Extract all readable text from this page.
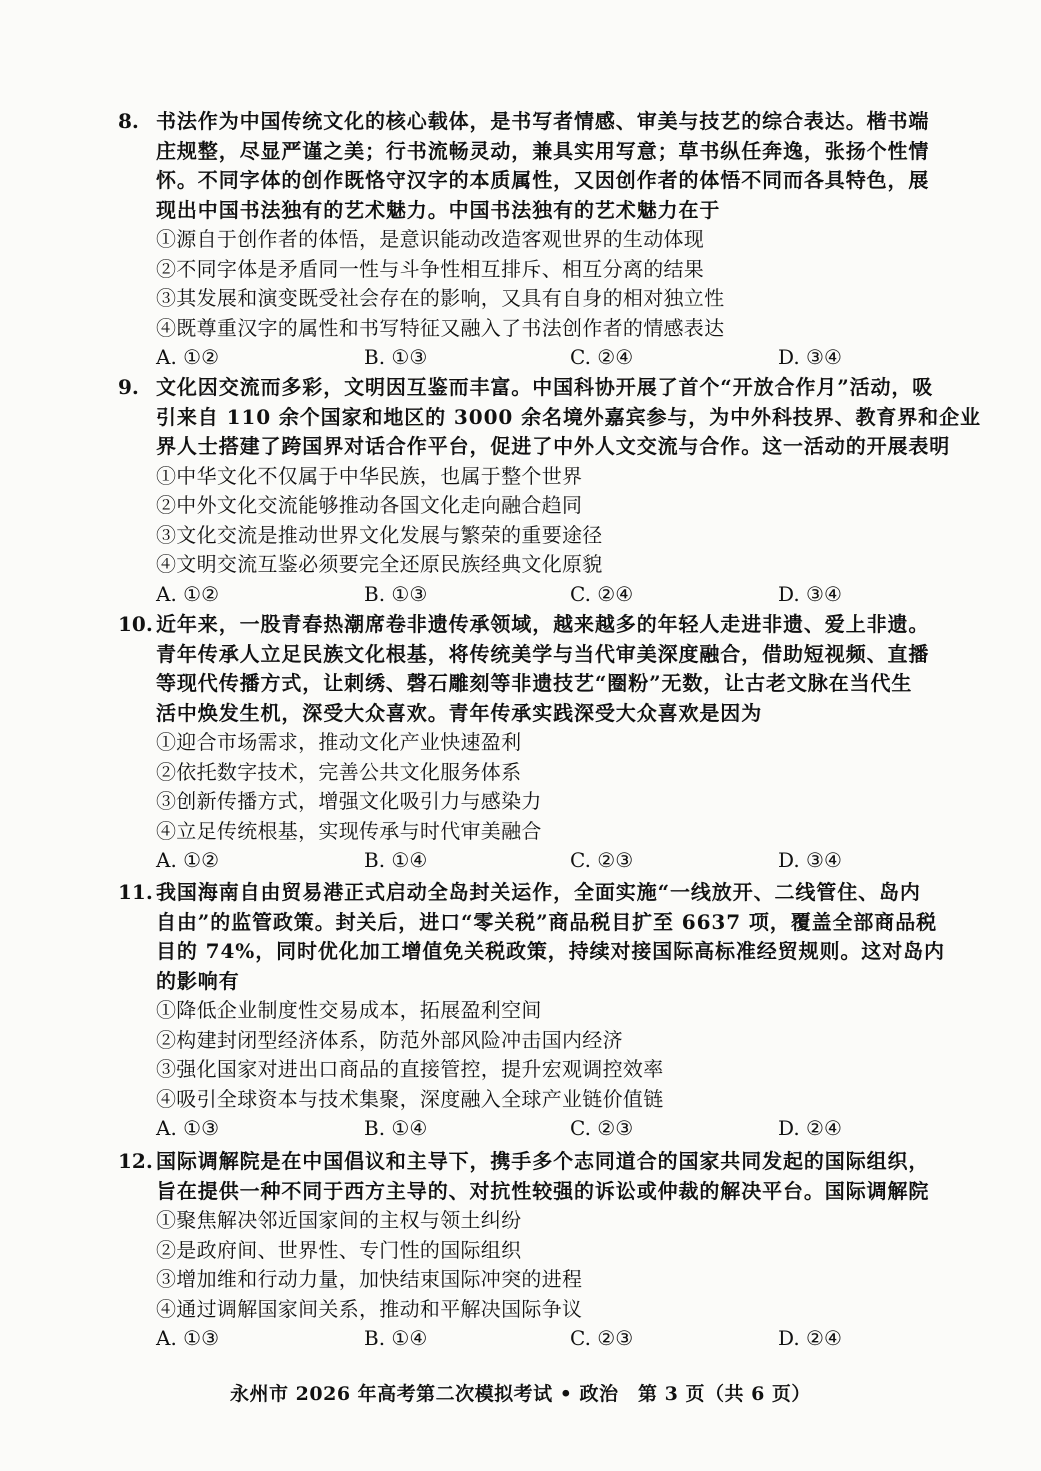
8. 书法作为中国传统文化的核心载体，是书写者情感、审美与技艺的综合表达。楷书端
庄规整，尽显严谨之美；行书流畅灵动，兼具实用写意；草书纵任奔逸，张扬个性情
怀。不同字体的创作既恪守汉字的本质属性，又因创作者的体悟不同而各具特色，展
现出中国书法独有的艺术魅力。中国书法独有的艺术魅力在于
①源自于创作者的体悟，是意识能动改造客观世界的生动体现
②不同字体是矛盾同一性与斗争性相互排斥、相互分离的结果
③其发展和演变既受社会存在的影响，又具有自身的相对独立性
④既尊重汉字的属性和书写特征又融入了书法创作者的情感表达
A. ①②	B. ①③	C. ②④	D. ③④
9. 文化因交流而多彩，文明因互鉴而丰富。中国科协开展了首个“开放合作月”活动，吸
引来自 110 余个国家和地区的 3000 余名境外嘉宾参与，为中外科技界、教育界和企业
界人士搭建了跨国界对话合作平台，促进了中外人文交流与合作。这一活动的开展表明
①中华文化不仅属于中华民族，也属于整个世界
②中外文化交流能够推动各国文化走向融合趋同
③文化交流是推动世界文化发展与繁荣的重要途径
④文明交流互鉴必须要完全还原民族经典文化原貌
A. ①②	B. ①③	C. ②④	D. ③④
10. 近年来，一股青春热潮席卷非遗传承领域，越来越多的年轻人走进非遗、爱上非遗。
青年传承人立足民族文化根基，将传统美学与当代审美深度融合，借助短视频、直播
等现代传播方式，让刺绣、磬石雕刻等非遗技艺“圈粉”无数，让古老文脉在当代生
活中焕发生机，深受大众喜欢。青年传承实践深受大众喜欢是因为
①迎合市场需求，推动文化产业快速盈利
②依托数字技术，完善公共文化服务体系
③创新传播方式，增强文化吸引力与感染力
④立足传统根基，实现传承与时代审美融合
A. ①②	B. ①④	C. ②③	D. ③④
11. 我国海南自由贸易港正式启动全岛封关运作，全面实施“一线放开、二线管住、岛内
自由”的监管政策。封关后，进口“零关税”商品税目扩至 6637 项，覆盖全部商品税
目的 74%，同时优化加工增值免关税政策，持续对接国际高标准经贸规则。这对岛内
的影响有
①降低企业制度性交易成本，拓展盈利空间
②构建封闭型经济体系，防范外部风险冲击国内经济
③强化国家对进出口商品的直接管控，提升宏观调控效率
④吸引全球资本与技术集聚，深度融入全球产业链价值链
A. ①③	B. ①④	C. ②③	D. ②④
12. 国际调解院是在中国倡议和主导下，携手多个志同道合的国家共同发起的国际组织，
旨在提供一种不同于西方主导的、对抗性较强的诉讼或仲裁的解决平台。国际调解院
①聚焦解决邻近国家间的主权与领土纠纷
②是政府间、世界性、专门性的国际组织
③增加维和行动力量，加快结束国际冲突的进程
④通过调解国家间关系，推动和平解决国际争议
A. ①③	B. ①④	C. ②③	D. ②④
永州市 2026 年高考第二次模拟考试 • 政治　第 3 页（共 6 页）
